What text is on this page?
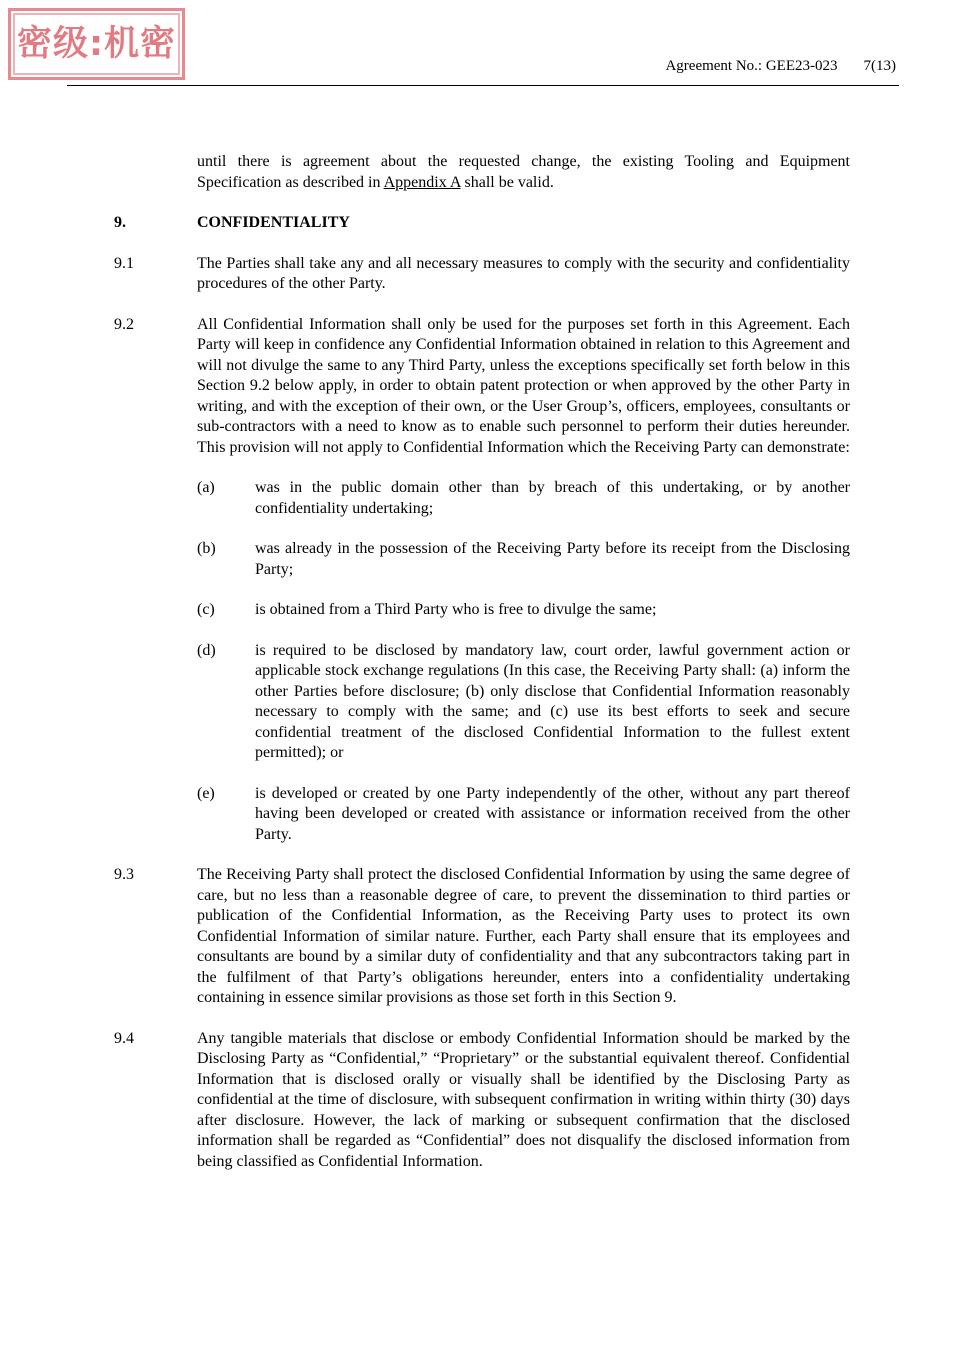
密级:机密
Agreement No.: GEE23-023 7(13)
until there is agreement about the requested change, the existing Tooling and Equipment Specification as described in Appendix A shall be valid.
9.	CONFIDENTIALITY
9.1	The Parties shall take any and all necessary measures to comply with the security and confidentiality procedures of the other Party.
9.2	All Confidential Information shall only be used for the purposes set forth in this Agreement. Each Party will keep in confidence any Confidential Information obtained in relation to this Agreement and will not divulge the same to any Third Party, unless the exceptions specifically set forth below in this Section 9.2 below apply, in order to obtain patent protection or when approved by the other Party in writing, and with the exception of their own, or the User Group’s, officers, employees, consultants or sub-contractors with a need to know as to enable such personnel to perform their duties hereunder. This provision will not apply to Confidential Information which the Receiving Party can demonstrate:
(a)	was in the public domain other than by breach of this undertaking, or by another confidentiality undertaking;
(b)	was already in the possession of the Receiving Party before its receipt from the Disclosing Party;
(c)	is obtained from a Third Party who is free to divulge the same;
(d)	is required to be disclosed by mandatory law, court order, lawful government action or applicable stock exchange regulations (In this case, the Receiving Party shall: (a) inform the other Parties before disclosure; (b) only disclose that Confidential Information reasonably necessary to comply with the same; and (c) use its best efforts to seek and secure confidential treatment of the disclosed Confidential Information to the fullest extent permitted); or
(e)	is developed or created by one Party independently of the other, without any part thereof having been developed or created with assistance or information received from the other Party.
9.3	The Receiving Party shall protect the disclosed Confidential Information by using the same degree of care, but no less than a reasonable degree of care, to prevent the dissemination to third parties or publication of the Confidential Information, as the Receiving Party uses to protect its own Confidential Information of similar nature. Further, each Party shall ensure that its employees and consultants are bound by a similar duty of confidentiality and that any subcontractors taking part in the fulfilment of that Party’s obligations hereunder, enters into a confidentiality undertaking containing in essence similar provisions as those set forth in this Section 9.
9.4	Any tangible materials that disclose or embody Confidential Information should be marked by the Disclosing Party as “Confidential,” “Proprietary” or the substantial equivalent thereof. Confidential Information that is disclosed orally or visually shall be identified by the Disclosing Party as confidential at the time of disclosure, with subsequent confirmation in writing within thirty (30) days after disclosure. However, the lack of marking or subsequent confirmation that the disclosed information shall be regarded as “Confidential” does not disqualify the disclosed information from being classified as Confidential Information.
